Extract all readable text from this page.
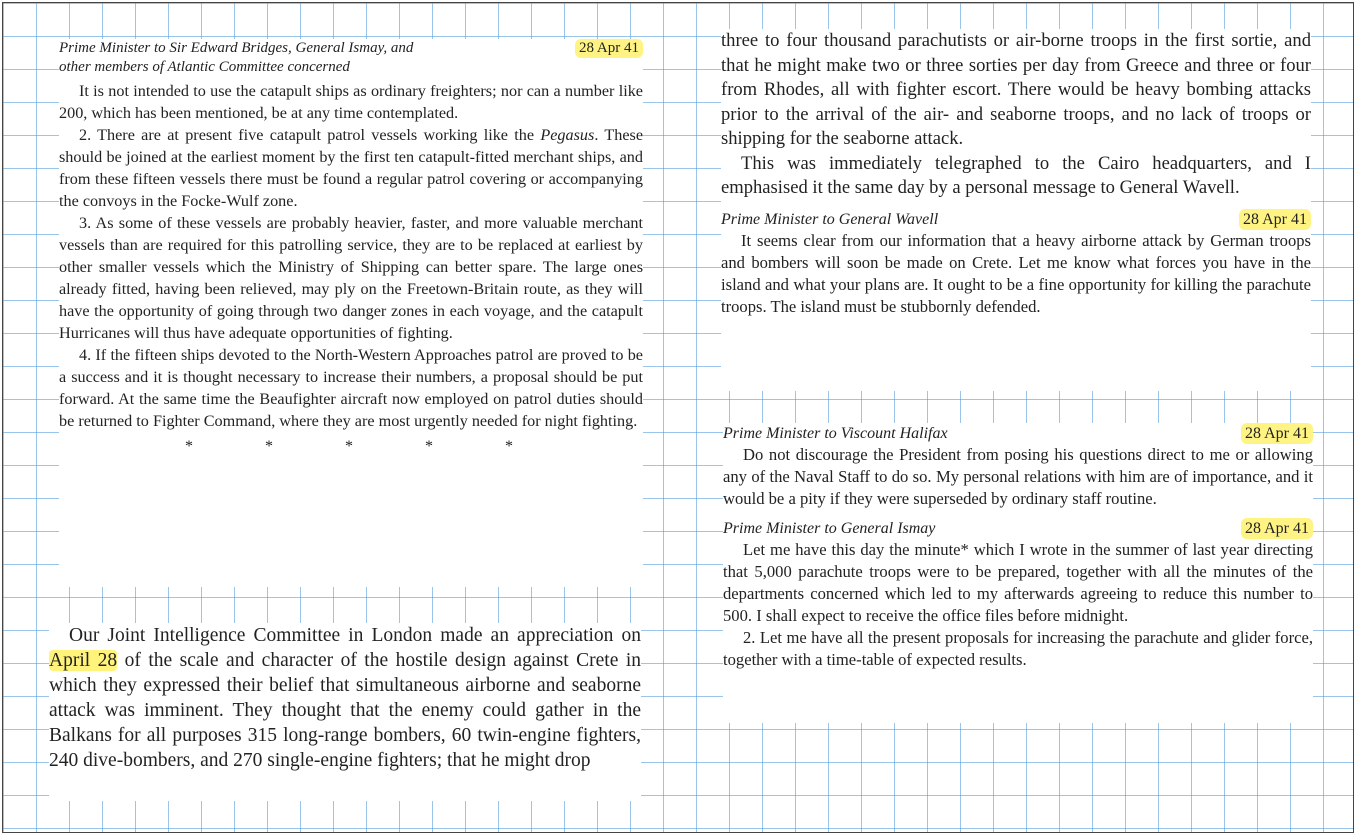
Prime Minister to Sir Edward Bridges, General Ismay, and
other members of Atlantic Committee concerned
28 Apr 41

It is not intended to use the catapult ships as ordinary freighters; nor can a number like 200, which has been mentioned, be at any time contemplated.

2. There are at present five catapult patrol vessels working like the Pegasus. These should be joined at the earliest moment by the first ten catapult-fitted merchant ships, and from these fifteen vessels there must be found a regular patrol covering or accompanying the convoys in the Focke-Wulf zone.

3. As some of these vessels are probably heavier, faster, and more valuable merchant vessels than are required for this patrolling service, they are to be replaced at earliest by other smaller vessels which the Ministry of Shipping can better spare. The large ones already fitted, having been relieved, may ply on the Freetown-Britain route, as they will have the opportunity of going through two danger zones in each voyage, and the catapult Hurricanes will thus have adequate opportunities of fighting.

4. If the fifteen ships devoted to the North-Western Approaches patrol are proved to be a success and it is thought necessary to increase their numbers, a proposal should be put forward. At the same time the Beaufighter aircraft now employed on patrol duties should be returned to Fighter Command, where they are most urgently needed for night fighting.

* * * * *

Our Joint Intelligence Committee in London made an appreciation on April 28 of the scale and character of the hostile design against Crete in which they expressed their belief that simultaneous airborne and seaborne attack was imminent. They thought that the enemy could gather in the Balkans for all purposes 315 long-range bombers, 60 twin-engine fighters, 240 dive-bombers, and 270 single-engine fighters; that he might drop

three to four thousand parachutists or air-borne troops in the first sortie, and that he might make two or three sorties per day from Greece and three or four from Rhodes, all with fighter escort. There would be heavy bombing attacks prior to the arrival of the air- and seaborne troops, and no lack of troops or shipping for the seaborne attack.

This was immediately telegraphed to the Cairo headquarters, and I emphasised it the same day by a personal message to General Wavell.

Prime Minister to General Wavell	28 Apr 41

It seems clear from our information that a heavy airborne attack by German troops and bombers will soon be made on Crete. Let me know what forces you have in the island and what your plans are. It ought to be a fine opportunity for killing the parachute troops. The island must be stubbornly defended.

Prime Minister to Viscount Halifax	28 Apr 41

Do not discourage the President from posing his questions direct to me or allowing any of the Naval Staff to do so. My personal relations with him are of importance, and it would be a pity if they were superseded by ordinary staff routine.

Prime Minister to General Ismay	28 Apr 41

Let me have this day the minute* which I wrote in the summer of last year directing that 5,000 parachute troops were to be prepared, together with all the minutes of the departments concerned which led to my afterwards agreeing to reduce this number to 500. I shall expect to receive the office files before midnight.

2. Let me have all the present proposals for increasing the parachute and glider force, together with a time-table of expected results.
